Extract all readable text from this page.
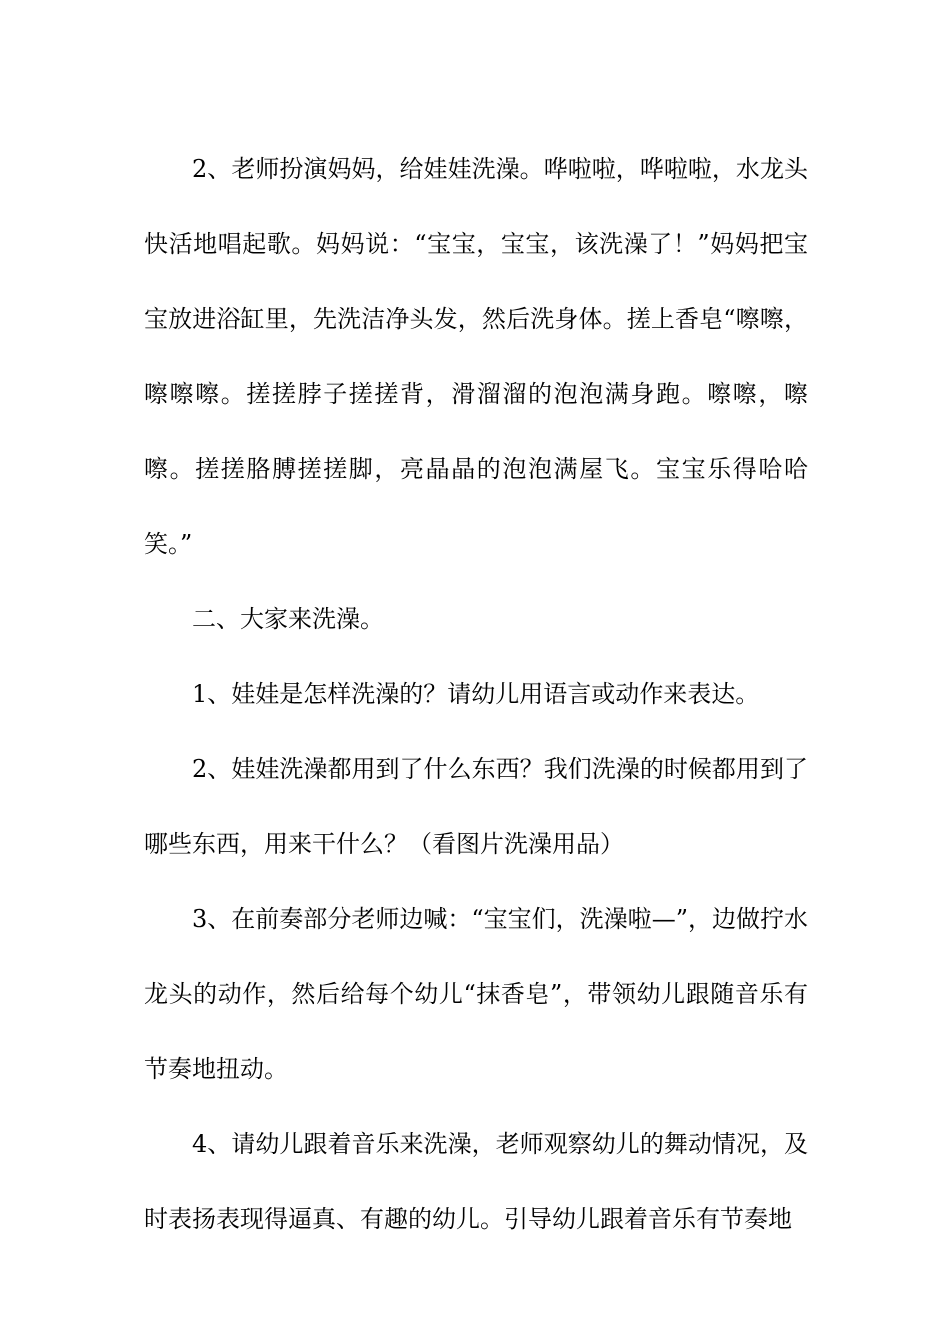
2、老师扮演妈妈，给娃娃洗澡。哗啦啦，哗啦啦，水龙头快活地唱起歌。妈妈说：“宝宝，宝宝，该洗澡了！”妈妈把宝宝放进浴缸里，先洗洁净头发，然后洗身体。搓上香皂“嚓嚓，嚓嚓嚓。搓搓脖子搓搓背，滑溜溜的泡泡满身跑。嚓嚓，嚓嚓。搓搓胳膊搓搓脚，亮晶晶的泡泡满屋飞。宝宝乐得哈哈笑。”

二、大家来洗澡。

1、娃娃是怎样洗澡的？请幼儿用语言或动作来表达。

2、娃娃洗澡都用到了什么东西？我们洗澡的时候都用到了哪些东西，用来干什么？（看图片洗澡用品）

3、在前奏部分老师边喊：“宝宝们，洗澡啦—”，边做拧水龙头的动作，然后给每个幼儿“抹香皂”，带领幼儿跟随音乐有节奏地扭动。

4、请幼儿跟着音乐来洗澡，老师观察幼儿的舞动情况，及时表扬表现得逼真、有趣的幼儿。引导幼儿跟着音乐有节奏地
